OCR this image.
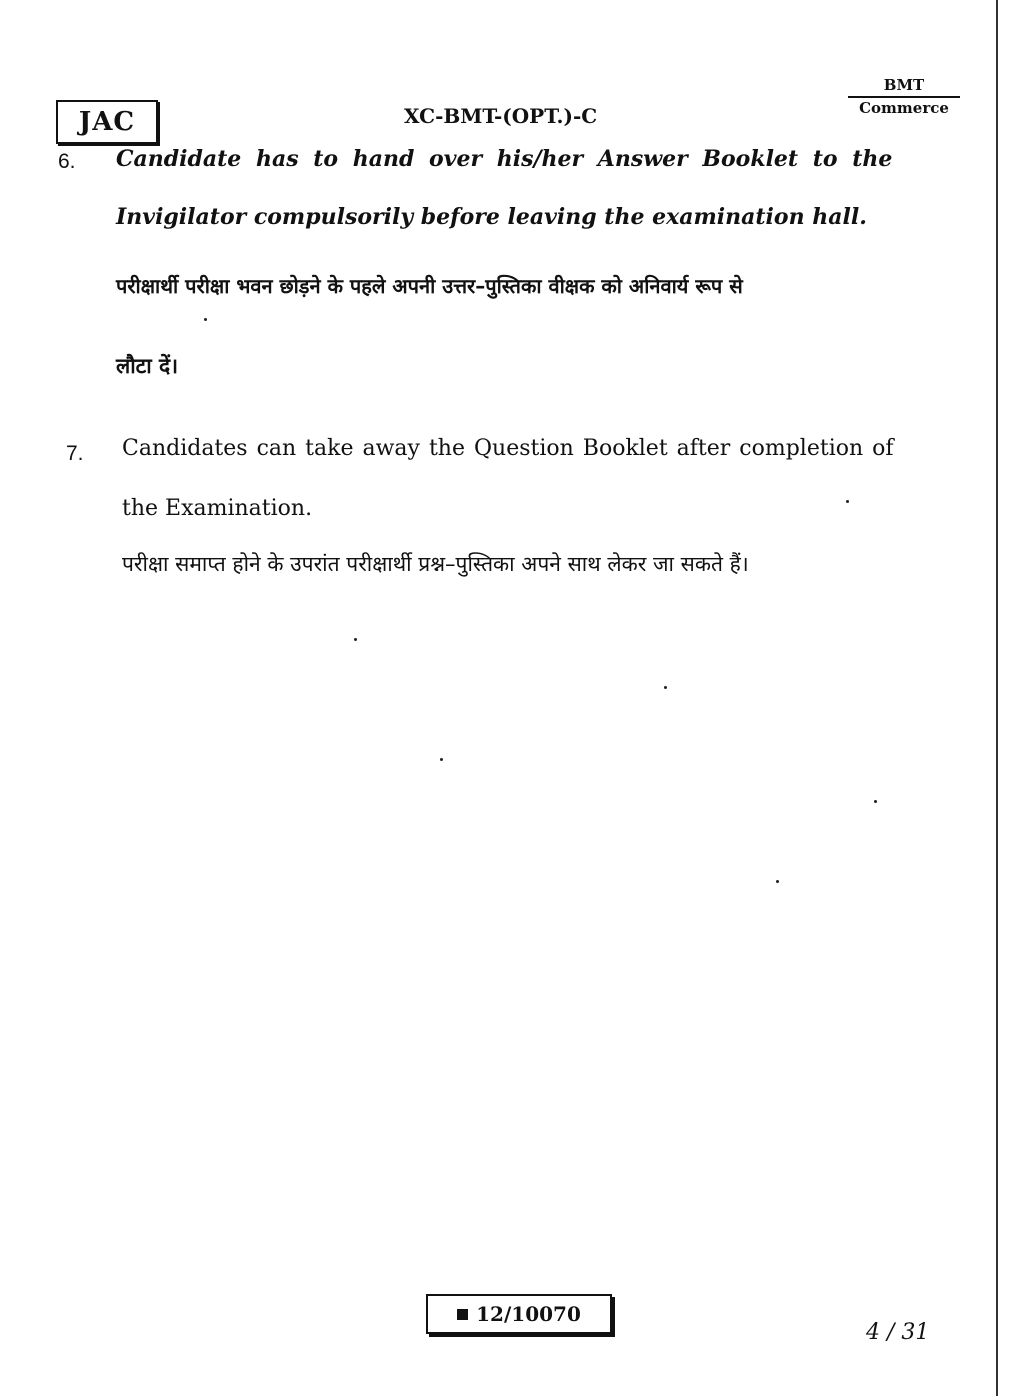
JAC	XC-BMT-(OPT.)-C
BMT
Commerce
6. Candidate has to hand over his/her Answer Booklet to the
Invigilator compulsorily before leaving the examination hall.
परीक्षार्थी परीक्षा भवन छोड़ने के पहले अपनी उत्तर–पुस्तिका वीक्षक को अनिवार्य रूप से
लौटा दें।
7. Candidates can take away the Question Booklet after completion of
the Examination.
परीक्षा समाप्त होने के उपरांत परीक्षार्थी प्रश्न–पुस्तिका अपने साथ लेकर जा सकते हैं।
12/10070
4 / 31
